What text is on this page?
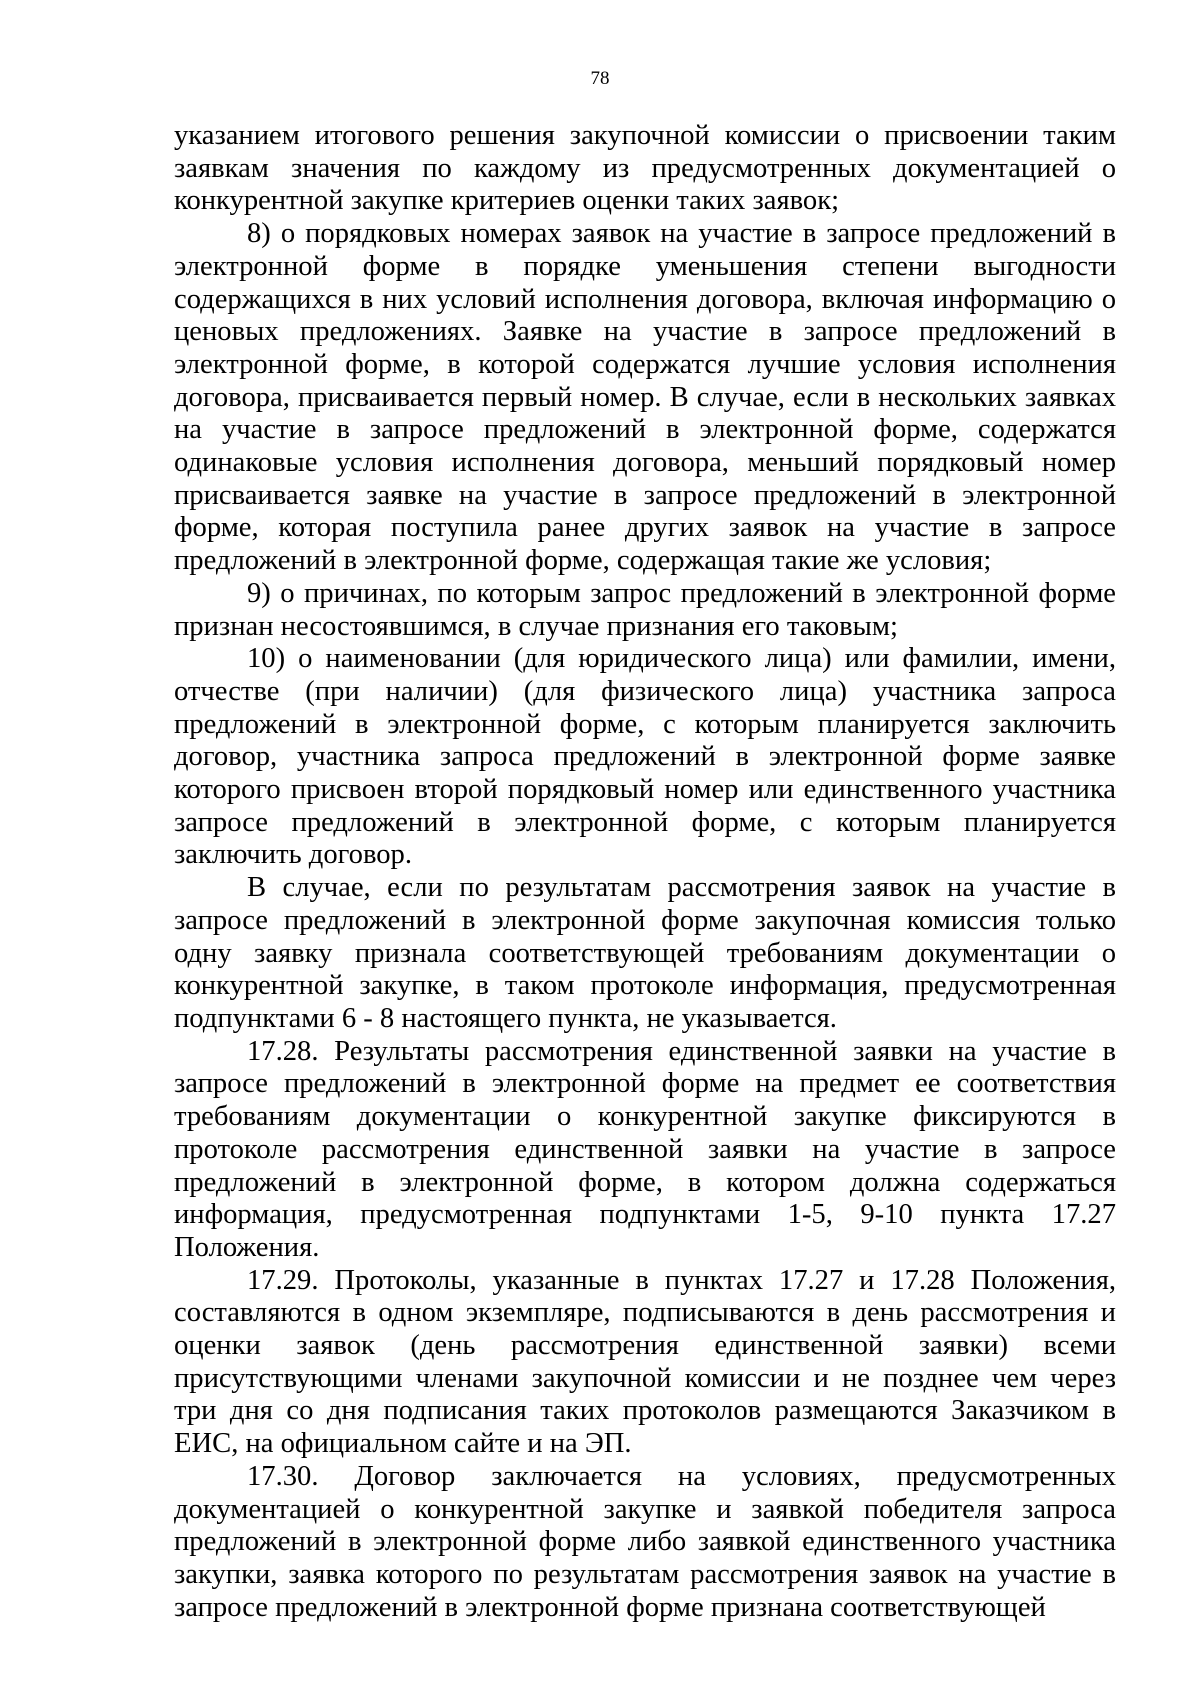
78

указанием итогового решения закупочной комиссии о присвоении таким заявкам значения по каждому из предусмотренных документацией о конкурентной закупке критериев оценки таких заявок;

8) о порядковых номерах заявок на участие в запросе предложений в электронной форме в порядке уменьшения степени выгодности содержащихся в них условий исполнения договора, включая информацию о ценовых предложениях. Заявке на участие в запросе предложений в электронной форме, в которой содержатся лучшие условия исполнения договора, присваивается первый номер. В случае, если в нескольких заявках на участие в запросе предложений в электронной форме, содержатся одинаковые условия исполнения договора, меньший порядковый номер присваивается заявке на участие в запросе предложений в электронной форме, которая поступила ранее других заявок на участие в запросе предложений в электронной форме, содержащая такие же условия;

9) о причинах, по которым запрос предложений в электронной форме признан несостоявшимся, в случае признания его таковым;

10) о наименовании (для юридического лица) или фамилии, имени, отчестве (при наличии) (для физического лица) участника запроса предложений в электронной форме, с которым планируется заключить договор, участника запроса предложений в электронной форме заявке которого присвоен второй порядковый номер или единственного участника запросе предложений в электронной форме, с которым планируется заключить договор.

В случае, если по результатам рассмотрения заявок на участие в запросе предложений в электронной форме закупочная комиссия только одну заявку признала соответствующей требованиям документации о конкурентной закупке, в таком протоколе информация, предусмотренная подпунктами 6 - 8 настоящего пункта, не указывается.

17.28. Результаты рассмотрения единственной заявки на участие в запросе предложений в электронной форме на предмет ее соответствия требованиям документации о конкурентной закупке фиксируются в протоколе рассмотрения единственной заявки на участие в запросе предложений в электронной форме, в котором должна содержаться информация, предусмотренная подпунктами 1-5, 9-10 пункта 17.27 Положения.

17.29. Протоколы, указанные в пунктах 17.27 и 17.28 Положения, составляются в одном экземпляре, подписываются в день рассмотрения и оценки заявок (день рассмотрения единственной заявки) всеми присутствующими членами закупочной комиссии и не позднее чем через три дня со дня подписания таких протоколов размещаются Заказчиком в ЕИС, на официальном сайте и на ЭП.

17.30. Договор заключается на условиях, предусмотренных документацией о конкурентной закупке и заявкой победителя запроса предложений в электронной форме либо заявкой единственного участника закупки, заявка которого по результатам рассмотрения заявок на участие в запросе предложений в электронной форме признана соответствующей
